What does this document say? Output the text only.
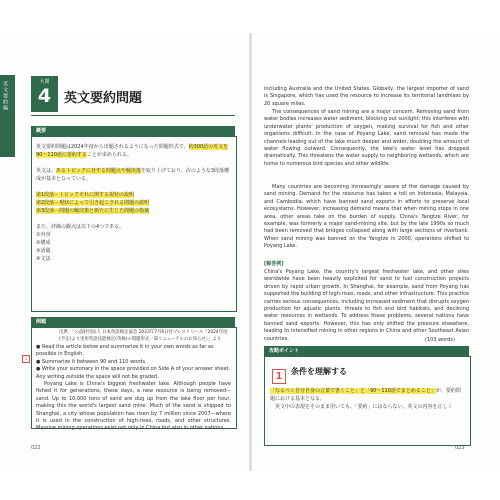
英文要約編	大問
4 英文要約問題
概要

英文要約問題は2024年度から出題されるようになった問題形式で、約300語の英文を90〜110語に要約することが求められる。

英文は、あるトピックに対する問題点や解決策を取り上げており、次のような3段落構成が基本となっている。

第1段落－トピックそれに関する現状の説明

第2段落－現状によって引き起こされる問題の説明

第3段落－問題の解決策と新たに生じた問題の指摘

また、評価の観点は以下の4つである。

①内容

②構成

③語彙

④文法

例題
出典：「公益財団法人 日本英語検定協会 2023年7月6日付プレスリリース『2024年度(予定)より実用英語技能検定(英検)の問題形式一部リニューアルのお知らせ』」より
1

● Read the article below and summarize it in your own words as far as possible in English.

● Summarize it between 90 and 110 words.

● Write your summary in the space provided on Side A of your answer sheet. Any writing outside the space will not be graded.

Poyang Lake is China's biggest freshwater lake. Although people have fished it for generations, these days, a new resource is being removed—sand. Up to 10,000 tons of sand are dug up from the lake floor per hour, making this the world's largest sand mine. Much of the sand is shipped to Shanghai, a city whose population has risen by 7 million since 2007—where it is used in the construction of high-rises, roads, and other structures. Massive mining operations exist not only in China but also in other nations,
022
including Australia and the United States. Globally, the largest importer of sand is Singapore, which has used the resource to increase its territorial landmass by 20 square miles.
The consequences of sand mining are a major concern. Removing sand from water bodies increases water sediment, blocking out sunlight; this interferes with underwater plants' production of oxygen, making survival for fish and other organisms difficult. In the case of Poyang Lake, sand removal has made the channels leading out of the lake much deeper and wider, doubling the amount of water flowing outward. Consequently, the lake's water level has dropped dramatically. This threatens the water supply to neighboring wetlands, which are home to numerous bird species and other wildlife.
Many countries are becoming increasingly aware of the damage caused by sand mining. Demand for the resource has taken a toll on Indonesia, Malaysia, and Cambodia, which have banned sand exports in efforts to preserve local ecosystems. However, increasing demand means that when mining stops in one area, other areas take on the burden of supply. China's Yangtze River, for example, was formerly a major sand-mining site, but by the late 1990s so much had been removed that bridges collapsed along with large sections of riverbank. When sand mining was banned on the Yangtze in 2000, operations shifted to Poyang Lake.
[解答例]
China's Poyang Lake, the country's largest freshwater lake, and other sites worldwide have been heavily exploited for sand to fuel construction projects driven by rapid urban growth. In Shanghai, for example, sand from Poyang has supported the building of high-rises, roads, and other infrastructure. This practice carries serious consequences, including increased sediment that disrupts oxygen production for aquatic plants, threats to fish and bird habitats, and declining water resources in wetlands. To address these problems, several nations have banned sand exports. However, this has only shifted the pressure elsewhere, leading to intensified mining in other regions in China and other Southeast Asian countries.	(103 words)
攻略ポイント
1	条件を理解する

「なるべく自分自身の言葉で書くこと」と「90～110語でまとめること」が、要約問題における基本となる。

英文中の表現をそのまま用いても、「要約」にはならない。英文の内容を正しく

023
